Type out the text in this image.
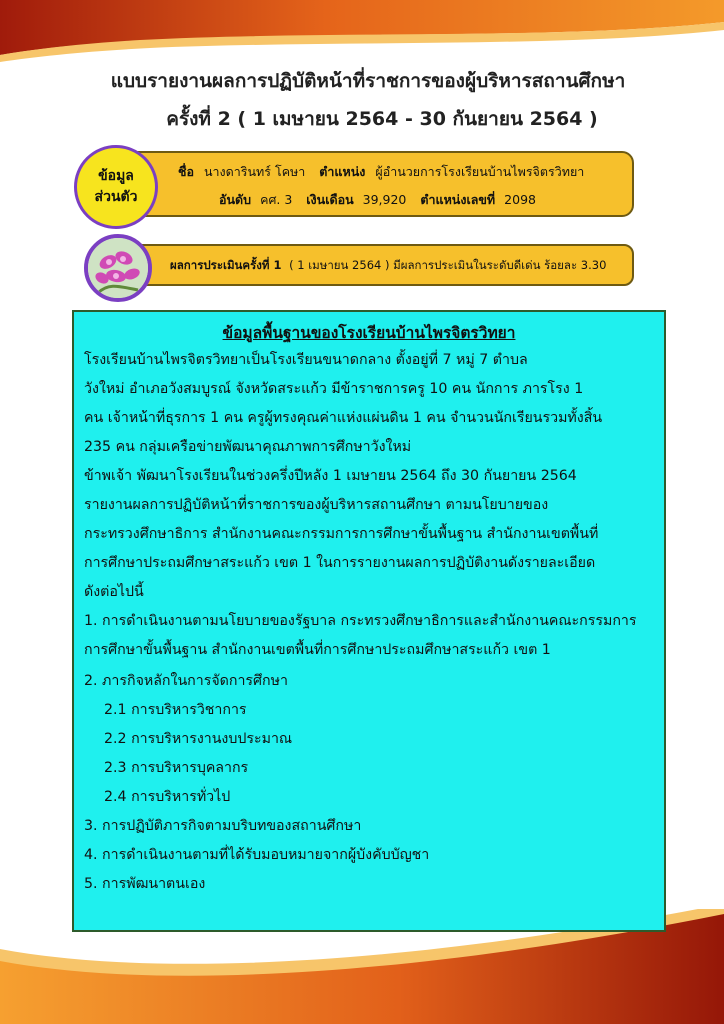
แบบรายงานผลการปฏิบัติหน้าที่ราชการของผู้บริหารสถานศึกษา
ครั้งที่ 2 ( 1 เมษายน 2564 - 30 กันยายน 2564 )
ชื่อ นางดารินทร์ โคษา ตำแหน่ง ผู้อำนวยการโรงเรียนบ้านไพรจิตรวิทยา
อันดับ คศ. 3 เงินเดือน 39,920 ตำแหน่งเลขที่ 2098
ข้อมูล
ส่วนตัว
ผลการประเมินครั้งที่ 1 ( 1 เมษายน 2564 ) มีผลการประเมินในระดับดีเด่น ร้อยละ 3.30
ข้อมูลพื้นฐานของโรงเรียนบ้านไพรจิตรวิทยา
โรงเรียนบ้านไพรจิตรวิทยาเป็นโรงเรียนขนาดกลาง ตั้งอยู่ที่ 7 หมู่ 7 ตำบล
วังใหม่ อำเภอวังสมบูรณ์ จังหวัดสระแก้ว มีข้าราชการครู 10 คน นักการ ภารโรง 1
คน เจ้าหน้าที่ธุรการ 1 คน ครูผู้ทรงคุณค่าแห่งแผ่นดิน 1 คน จำนวนนักเรียนรวมทั้งสิ้น
235 คน กลุ่มเครือข่ายพัฒนาคุณภาพการศึกษาวังใหม่
ข้าพเจ้า พัฒนาโรงเรียนในช่วงครึ่งปีหลัง 1 เมษายน 2564 ถึง 30 กันยายน 2564
รายงานผลการปฏิบัติหน้าที่ราชการของผู้บริหารสถานศึกษา ตามนโยบายของ
กระทรวงศึกษาธิการ สำนักงานคณะกรรมการการศึกษาขั้นพื้นฐาน สำนักงานเขตพื้นที่
การศึกษาประถมศึกษาสระแก้ว เขต 1 ในการรายงานผลการปฏิบัติงานดังรายละเอียด
ดังต่อไปนี้
1. การดำเนินงานตามนโยบายของรัฐบาล กระทรวงศึกษาธิการและสำนักงานคณะกรรมการ
การศึกษาขั้นพื้นฐาน สำนักงานเขตพื้นที่การศึกษาประถมศึกษาสระแก้ว เขต 1
2. ภารกิจหลักในการจัดการศึกษา
2.1 การบริหารวิชาการ
2.2 การบริหารงานงบประมาณ
2.3 การบริหารบุคลากร
2.4 การบริหารทั่วไป
3. การปฏิบัติภารกิจตามบริบทของสถานศึกษา
4. การดำเนินงานตามที่ได้รับมอบหมายจากผู้บังคับบัญชา
5. การพัฒนาตนเอง
